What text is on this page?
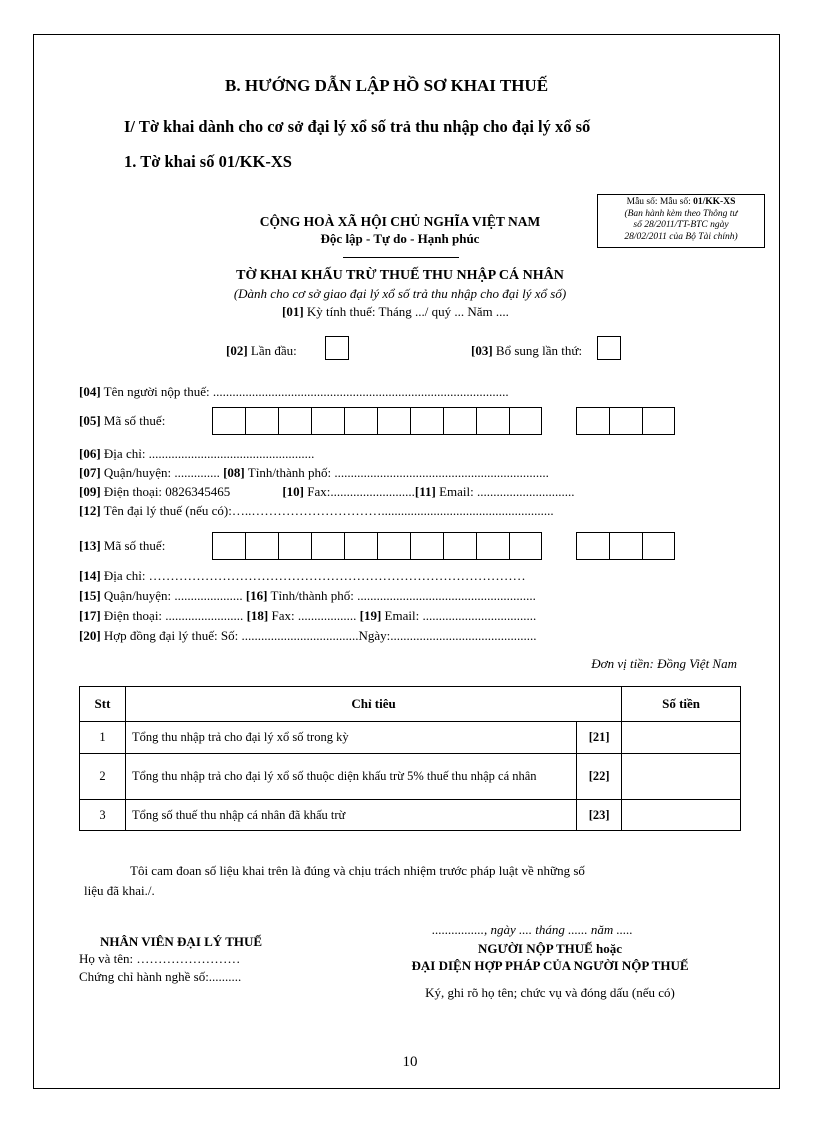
B. HƯỚNG DẪN LẬP HỒ SƠ KHAI THUẾ
I/ Tờ khai dành cho cơ sở đại lý xổ số trả thu nhập cho đại lý xổ số
1. Tờ khai số 01/KK-XS
Mẫu số: Mẫu số: 01/KK-XS
(Ban hành kèm theo Thông tư
số 28/2011/TT-BTC ngày
28/02/2011 của Bộ Tài chính)
CỘNG HOÀ XÃ HỘI CHỦ NGHĨA VIỆT NAM
Độc lập - Tự do - Hạnh phúc
TỜ KHAI KHẤU TRỪ THUẾ THU NHẬP CÁ NHÂN
(Dành cho cơ sở giao đại lý xổ số trả thu nhập cho đại lý xổ số)
[01] Kỳ tính thuế: Tháng .../ quý ... Năm ....
[02] Lần đầu:	[03] Bổ sung lần thứ:
[04] Tên người nộp thuế: ...........................................................................................
[05] Mã số thuế:
[06] Địa chỉ: ...................................................
[07] Quận/huyện: .............. [08] Tỉnh/thành phố: ..................................................................
[09] Điện thoại: 0826345465	[10] Fax:..........................[11] Email: ..............................
[12] Tên đại lý thuế (nếu có):…..………………………….....................................................
[13] Mã số thuế:
[14] Địa chỉ: ……………………………………………………………………………
[15] Quận/huyện: ..................... [16] Tỉnh/thành phố: .......................................................
[17] Điện thoại: ........................ [18] Fax: .................. [19] Email: ...................................
[20] Hợp đồng đại lý thuế: Số: ....................................Ngày:.............................................
Đơn vị tiền: Đồng Việt Nam
Stt	Chỉ tiêu		Số tiền
1	Tổng thu nhập trả cho đại lý xổ số trong kỳ	[21]	
2	Tổng thu nhập trả cho đại lý xổ số thuộc diện khấu trừ 5% thuế thu nhập cá nhân	[22]	
3	Tổng số thuế thu nhập cá nhân đã khấu trừ	[23]	
Tôi cam đoan số liệu khai trên là đúng và chịu trách nhiệm trước pháp luật về những số
liệu đã khai./.
................, ngày .... tháng ...... năm .....
NHÂN VIÊN ĐẠI LÝ THUẾ
Họ và tên: ……………………
Chứng chỉ hành nghề số:..........
NGƯỜI NỘP THUẾ hoặc
ĐẠI DIỆN HỢP PHÁP CỦA NGƯỜI NỘP THUẾ
Ký, ghi rõ họ tên; chức vụ và đóng dấu (nếu có)
10
